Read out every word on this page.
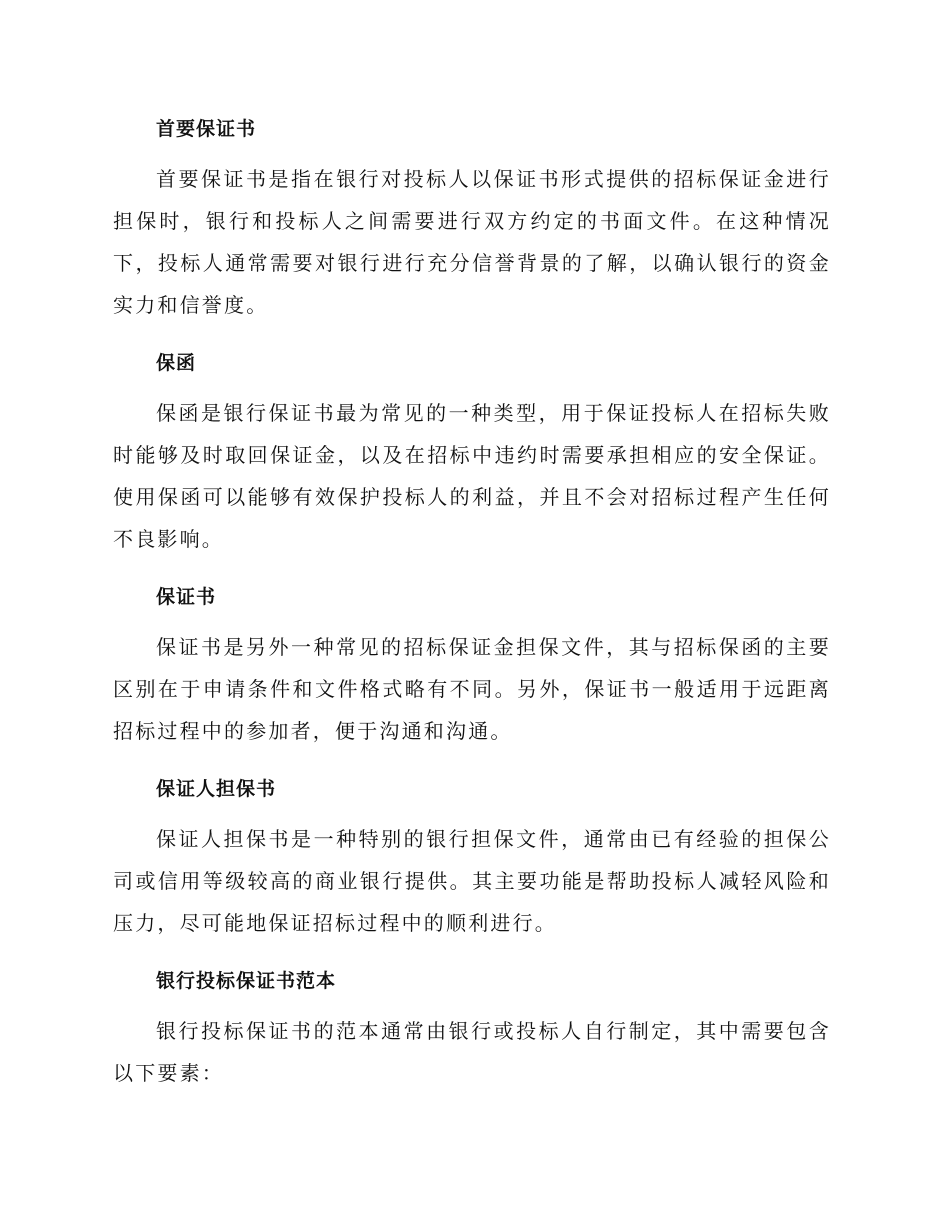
首要保证书

首要保证书是指在银行对投标人以保证书形式提供的招标保证金进行担保时，银行和投标人之间需要进行双方约定的书面文件。在这种情况下，投标人通常需要对银行进行充分信誉背景的了解，以确认银行的资金实力和信誉度。

保函

保函是银行保证书最为常见的一种类型，用于保证投标人在招标失败时能够及时取回保证金，以及在招标中违约时需要承担相应的安全保证。使用保函可以能够有效保护投标人的利益，并且不会对招标过程产生任何不良影响。

保证书

保证书是另外一种常见的招标保证金担保文件，其与招标保函的主要区别在于申请条件和文件格式略有不同。另外，保证书一般适用于远距离招标过程中的参加者，便于沟通和沟通。

保证人担保书

保证人担保书是一种特别的银行担保文件，通常由已有经验的担保公司或信用等级较高的商业银行提供。其主要功能是帮助投标人减轻风险和压力，尽可能地保证招标过程中的顺利进行。

银行投标保证书范本

银行投标保证书的范本通常由银行或投标人自行制定，其中需要包含以下要素：
